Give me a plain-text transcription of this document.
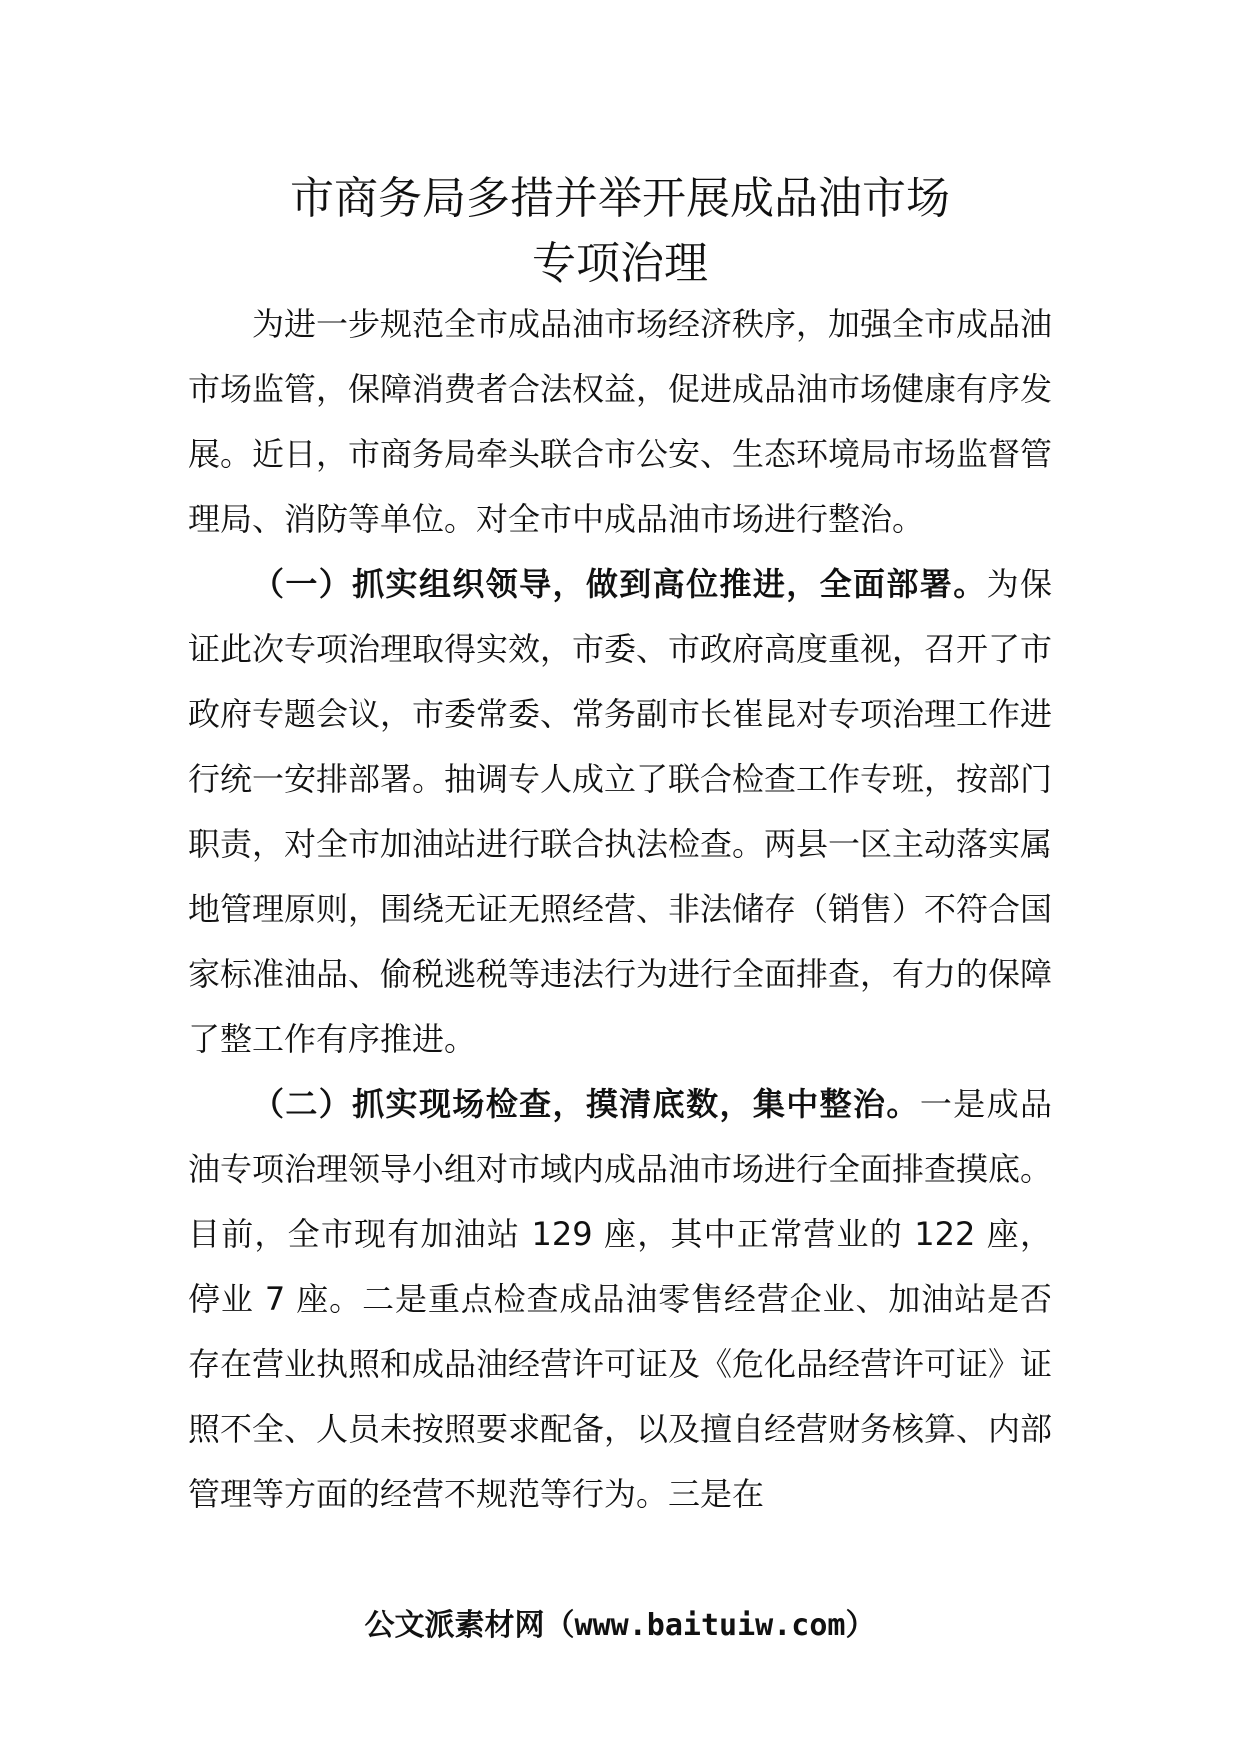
市商务局多措并举开展成品油市场
专项治理

为进一步规范全市成品油市场经济秩序，加强全市成品油市场监管，保障消费者合法权益，促进成品油市场健康有序发展。近日，市商务局牵头联合市公安、生态环境局市场监督管理局、消防等单位。对全市中成品油市场进行整治。

（一）抓实组织领导，做到高位推进，全面部署。为保证此次专项治理取得实效，市委、市政府高度重视，召开了市政府专题会议，市委常委、常务副市长崔昆对专项治理工作进行统一安排部署。抽调专人成立了联合检查工作专班，按部门职责，对全市加油站进行联合执法检查。两县一区主动落实属地管理原则，围绕无证无照经营、非法储存（销售）不符合国家标准油品、偷税逃税等违法行为进行全面排查，有力的保障了整工作有序推进。

（二）抓实现场检查，摸清底数，集中整治。一是成品油专项治理领导小组对市域内成品油市场进行全面排查摸底。目前，全市现有加油站 129 座，其中正常营业的 122 座，停业 7 座。二是重点检查成品油零售经营企业、加油站是否存在营业执照和成品油经营许可证及《危化品经营许可证》证照不全、人员未按照要求配备，以及擅自经营财务核算、内部管理等方面的经营不规范等行为。三是在

公文派素材网（www.baituiw.com）
